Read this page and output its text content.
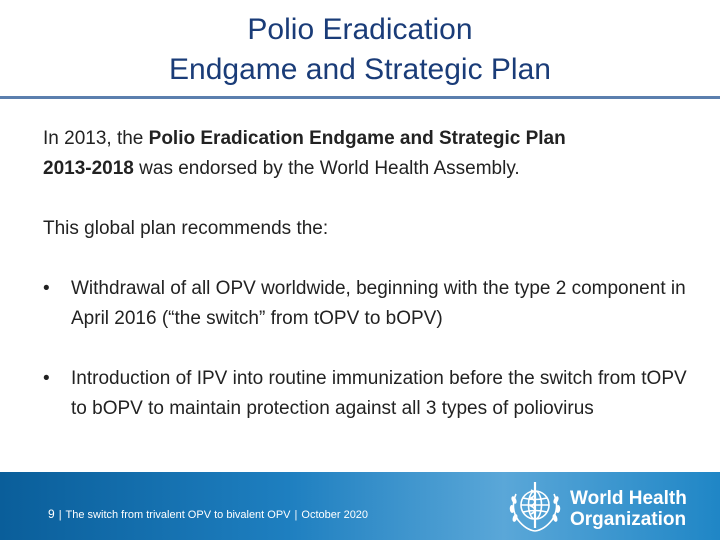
Polio Eradication
Endgame and Strategic Plan

In 2013, the Polio Eradication Endgame and Strategic Plan
2013-2018 was endorsed by the World Health Assembly.

This global plan recommends the:

• Withdrawal of all OPV worldwide, beginning with the type 2 component in April 2016 (“the switch” from tOPV to bOPV)
• Introduction of IPV into routine immunization before the switch from tOPV to bOPV to maintain protection against all 3 types of poliovirus
9 | The switch from trivalent OPV to bivalent OPV | October 2020
World Health
Organization
